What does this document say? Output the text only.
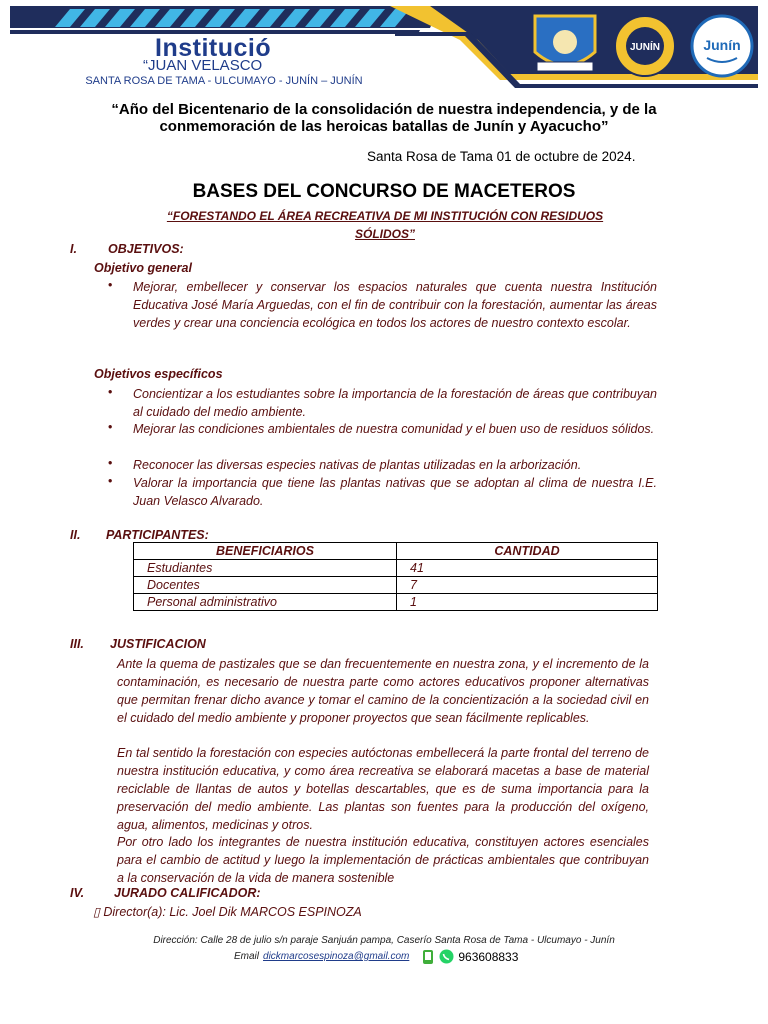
JUNÍN	Junín
Institució
“JUAN VELASCO
SANTA ROSA DE TAMA - ULCUMAYO - JUNÍN – JUNÍN
“Año del Bicentenario de la consolidación de nuestra independencia, y de la conmemoración de las heroicas batallas de Junín y Ayacucho”
Santa Rosa de Tama 01 de octubre de 2024.
BASES DEL CONCURSO DE MACETEROS
“FORESTANDO EL ÁREA RECREATIVA DE MI INSTITUCIÓN CON RESIDUOS SÓLIDOS”
I. OBJETIVOS:
Objetivo general
• Mejorar, embellecer y conservar los espacios naturales que cuenta nuestra Institución Educativa José María Arguedas, con el fin de contribuir con la forestación, aumentar las áreas verdes y crear una conciencia ecológica en todos los actores de nuestro contexto escolar.
Objetivos específicos
• Concientizar a los estudiantes sobre la importancia de la forestación de áreas que contribuyan al cuidado del medio ambiente.
• Mejorar las condiciones ambientales de nuestra comunidad y el buen uso de residuos sólidos.
• Reconocer las diversas especies nativas de plantas utilizadas en la arborización.
• Valorar la importancia que tiene las plantas nativas que se adoptan al clima de nuestra I.E. Juan Velasco Alvarado.
II. PARTICIPANTES:
BENEFICIARIOS	CANTIDAD
Estudiantes	41
Docentes	7
Personal administrativo	1
III. JUSTIFICACION
Ante la quema de pastizales que se dan frecuentemente en nuestra zona, y el incremento de la contaminación, es necesario de nuestra parte como actores educativos proponer alternativas que permitan frenar dicho avance y tomar el camino de la concientización a la sociedad civil en el cuidado del medio ambiente y proponer proyectos que sean fácilmente replicables.
En tal sentido la forestación con especies autóctonas embellecerá la parte frontal del terreno de nuestra institución educativa, y como área recreativa se elaborará macetas a base de material reciclable de llantas de autos y botellas descartables, que es de suma importancia para la preservación del medio ambiente. Las plantas son fuentes para la producción del oxígeno, agua, alimentos, medicinas y otros.
Por otro lado los integrantes de nuestra institución educativa, constituyen actores esenciales para el cambio de actitud y luego la implementación de prácticas ambientales que contribuyan a la conservación de la vida de manera sostenible
IV. JURADO CALIFICADOR:
▯ Director(a): Lic. Joel Dik MARCOS ESPINOZA
Dirección: Calle 28 de julio s/n paraje Sanjuán pampa, Caserío Santa Rosa de Tama - Ulcumayo - Junín
Email dickmarcosespinoza@gmail.com	963608833
